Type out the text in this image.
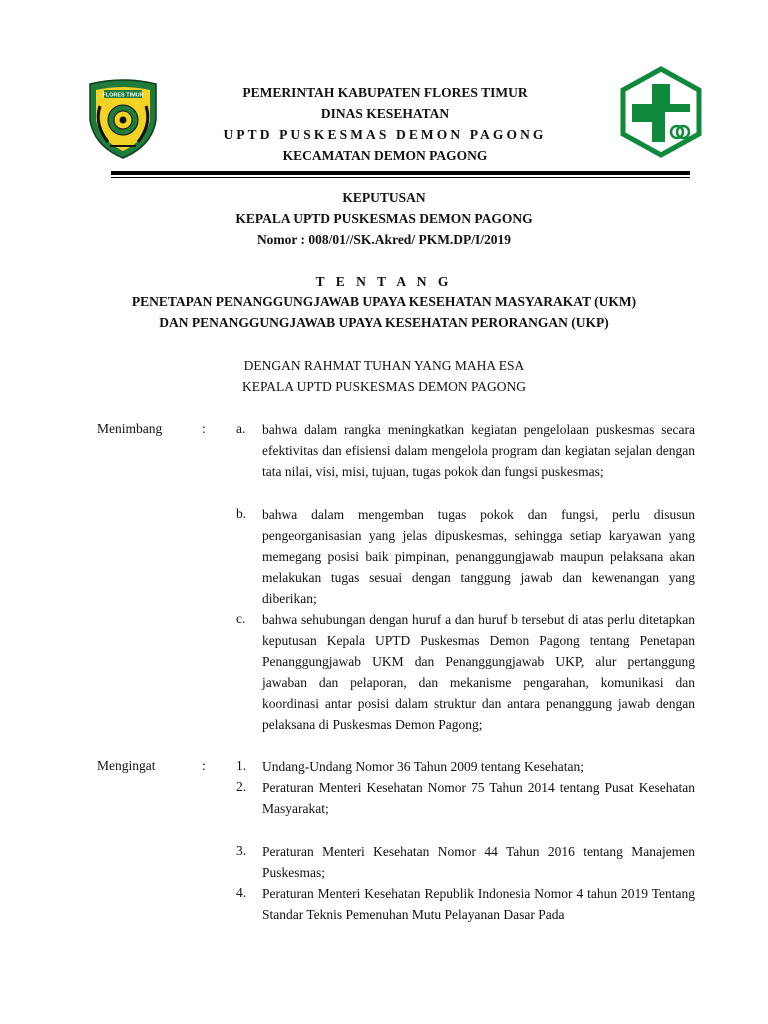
FLORES TIMUR	PEMERINTAH KABUPATEN FLORES TIMUR
DINAS KESEHATAN
UPTD PUSKESMAS DEMON PAGONG
KECAMATAN DEMON PAGONG
KEPUTUSAN
KEPALA UPTD PUSKESMAS DEMON PAGONG
Nomor : 008/01//SK.Akred/ PKM.DP/I/2019
T E N T A N G
PENETAPAN PENANGGUNGJAWAB UPAYA KESEHATAN MASYARAKAT (UKM)
DAN PENANGGUNGJAWAB UPAYA KESEHATAN PERORANGAN (UKP)
DENGAN RAHMAT TUHAN YANG MAHA ESA
KEPALA UPTD PUSKESMAS DEMON PAGONG
Menimbang	: a. bahwa dalam rangka meningkatkan kegiatan pengelolaan puskesmas secara efektivitas dan efisiensi dalam mengelola program dan kegiatan sejalan dengan tata nilai, visi, misi, tujuan, tugas pokok dan fungsi puskesmas;
b. bahwa dalam mengemban tugas pokok dan fungsi, perlu disusun pengeorganisasian yang jelas dipuskesmas, sehingga setiap karyawan yang memegang posisi baik pimpinan, penanggungjawab maupun pelaksana akan melakukan tugas sesuai dengan tanggung jawab dan kewenangan yang diberikan;
c. bahwa sehubungan dengan huruf a dan huruf b tersebut di atas perlu ditetapkan keputusan Kepala UPTD Puskesmas Demon Pagong tentang Penetapan Penanggungjawab UKM dan Penanggungjawab UKP, alur pertanggung jawaban dan pelaporan, dan mekanisme pengarahan, komunikasi dan koordinasi antar posisi dalam struktur dan antara penanggung jawab dengan pelaksana di Puskesmas Demon Pagong;
Mengingat	: 1. Undang-Undang Nomor 36 Tahun 2009 tentang Kesehatan;
2. Peraturan Menteri Kesehatan Nomor 75 Tahun 2014 tentang Pusat Kesehatan Masyarakat;
3. Peraturan Menteri Kesehatan Nomor 44 Tahun 2016 tentang Manajemen Puskesmas;
4. Peraturan Menteri Kesehatan Republik Indonesia Nomor 4 tahun 2019 Tentang Standar Teknis Pemenuhan Mutu Pelayanan Dasar Pada
